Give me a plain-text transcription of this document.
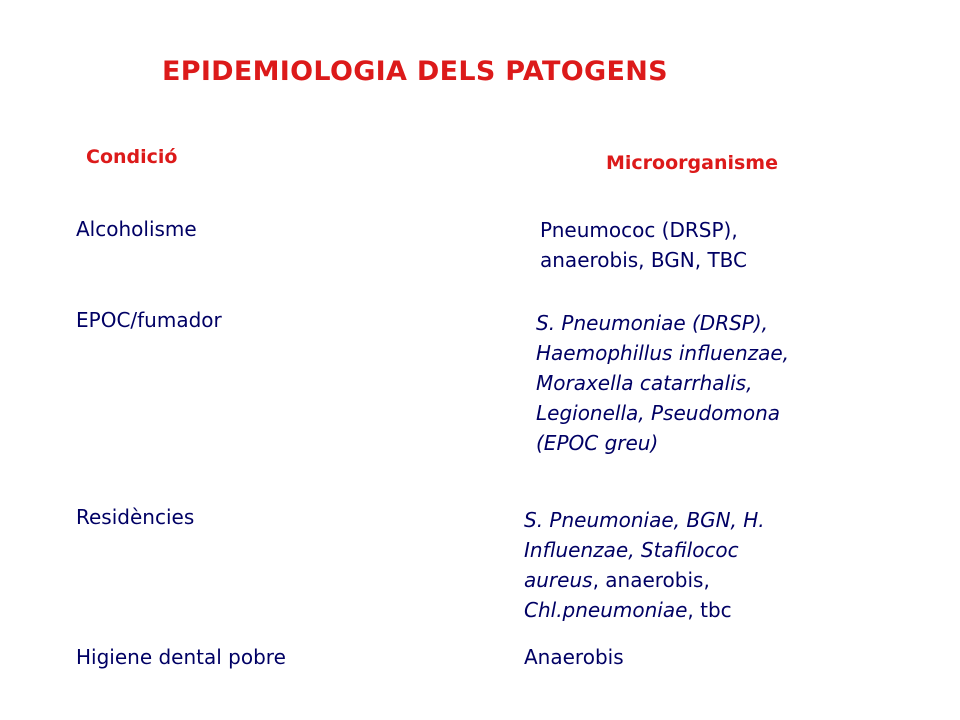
EPIDEMIOLOGIA DELS PATOGENS
Condició	Microorganisme
Alcoholisme	Pneumococ (DRSP),
anaerobis, BGN, TBC
EPOC/fumador	S. Pneumoniae (DRSP),
Haemophillus influenzae,
Moraxella catarrhalis,
Legionella, Pseudomona
(EPOC greu)
Residències	S. Pneumoniae, BGN, H.
Influenzae, Stafilococ
aureus, anaerobis,
Chl.pneumoniae, tbc
Higiene dental pobre	Anaerobis
